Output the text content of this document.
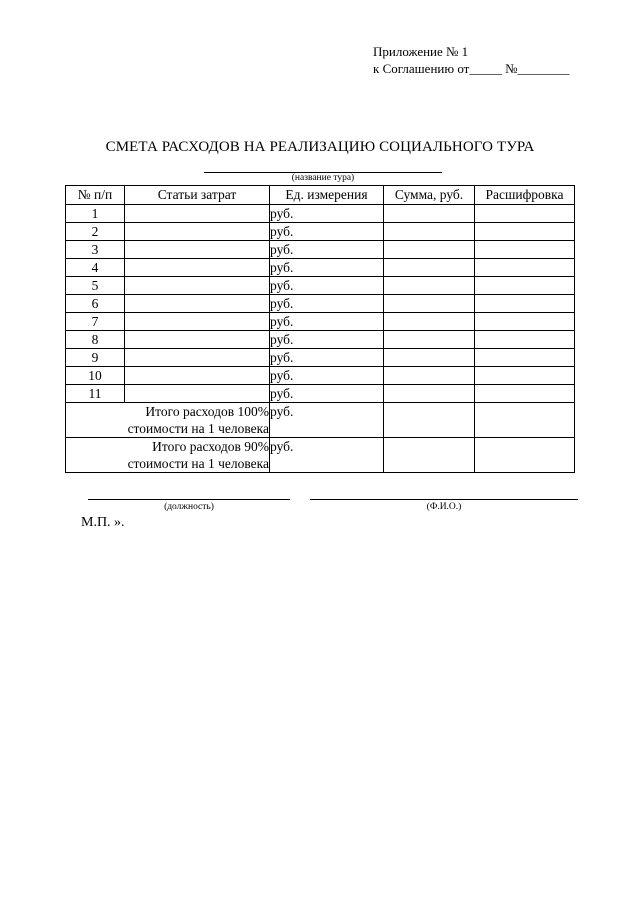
Приложение № 1
к Соглашению от_____ №________
СМЕТА РАСХОДОВ НА РЕАЛИЗАЦИЮ СОЦИАЛЬНОГО ТУРА
(название тура)
№ п/п	Статьи затрат	Ед. измерения	Сумма, руб.	Расшифровка
1		руб.		
2		руб.		
3		руб.		
4		руб.		
5		руб.		
6		руб.		
7		руб.		
8		руб.		
9		руб.		
10		руб.		
11		руб.		

Итого расходов 100%
стоимости на 1 человека		руб.		

Итого расходов 90%
стоимости на 1 человека		руб.		
(должность)	(Ф.И.О.)
М.П. ».
